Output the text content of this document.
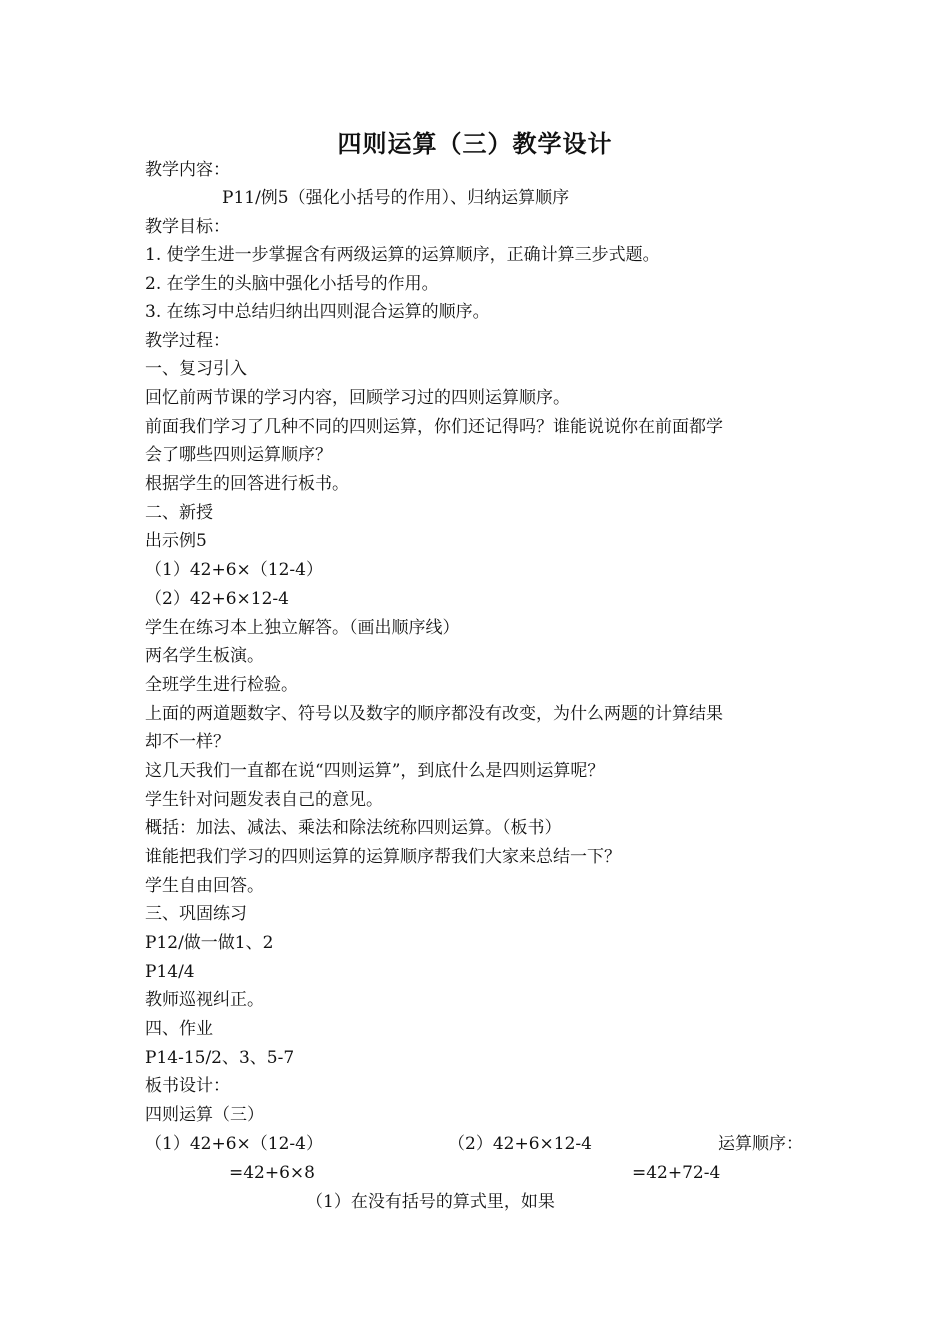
四则运算（三）教学设计
教学内容：
P11/例5（强化小括号的作用）、归纳运算顺序
教学目标：
1. 使学生进一步掌握含有两级运算的运算顺序，正确计算三步式题。
2. 在学生的头脑中强化小括号的作用。
3. 在练习中总结归纳出四则混合运算的顺序。
教学过程：
一、复习引入
回忆前两节课的学习内容，回顾学习过的四则运算顺序。
前面我们学习了几种不同的四则运算，你们还记得吗？谁能说说你在前面都学
会了哪些四则运算顺序？
根据学生的回答进行板书。
二、新授
出示例5
（1）42+6×（12-4）
（2）42+6×12-4
学生在练习本上独立解答。（画出顺序线）
两名学生板演。
全班学生进行检验。
上面的两道题数字、符号以及数字的顺序都没有改变，为什么两题的计算结果
却不一样？
这几天我们一直都在说“四则运算”，到底什么是四则运算呢？
学生针对问题发表自己的意见。
概括：加法、减法、乘法和除法统称四则运算。（板书）
谁能把我们学习的四则运算的运算顺序帮我们大家来总结一下？
学生自由回答。
三、巩固练习
P12/做一做1、2
P14/4
教师巡视纠正。
四、作业
P14-15/2、3、5-7
板书设计：
四则运算（三）
（1）42+6×（12-4）	（2）42+6×12-4	运算顺序：
=42+6×8	=42+72-4
（1）在没有括号的算式里，如果
